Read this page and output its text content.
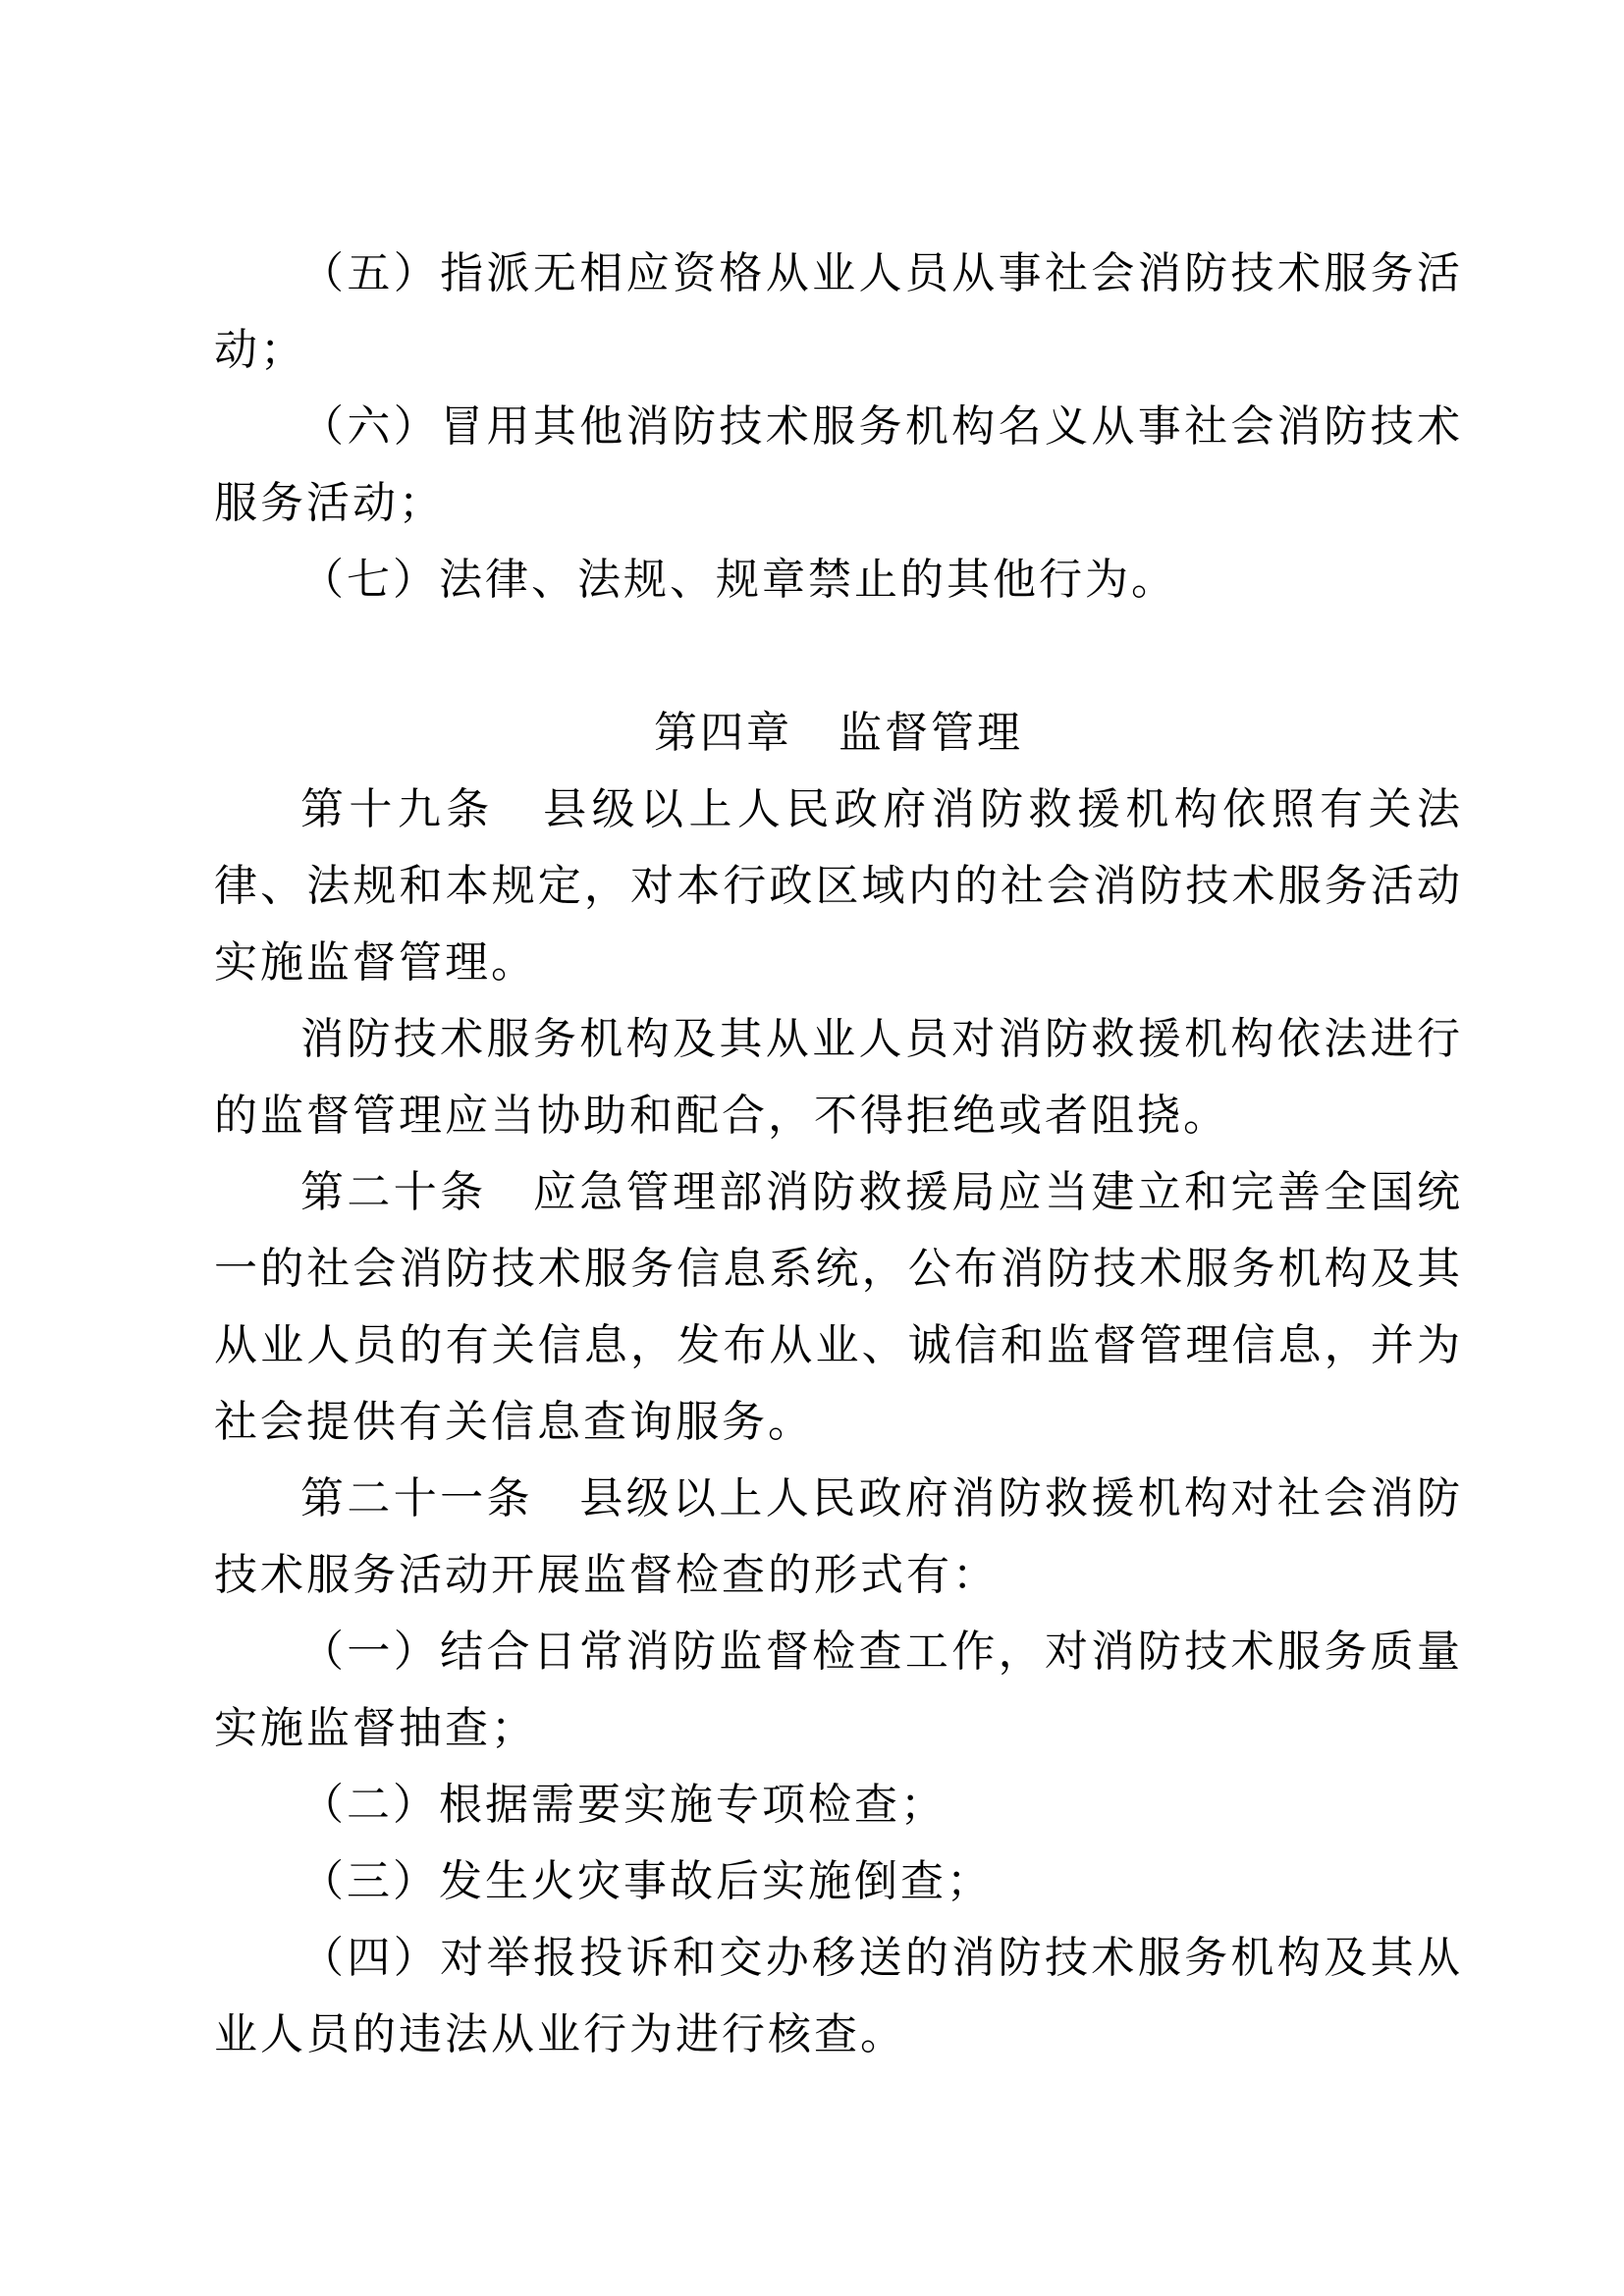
（五）指派无相应资格从业人员从事社会消防技术服务活动；

（六）冒用其他消防技术服务机构名义从事社会消防技术服务活动；

（七）法律、法规、规章禁止的其他行为。

第四章　监督管理

第十九条　县级以上人民政府消防救援机构依照有关法律、法规和本规定，对本行政区域内的社会消防技术服务活动实施监督管理。

消防技术服务机构及其从业人员对消防救援机构依法进行的监督管理应当协助和配合，不得拒绝或者阻挠。

第二十条　应急管理部消防救援局应当建立和完善全国统一的社会消防技术服务信息系统，公布消防技术服务机构及其从业人员的有关信息，发布从业、诚信和监督管理信息，并为社会提供有关信息查询服务。

第二十一条　县级以上人民政府消防救援机构对社会消防技术服务活动开展监督检查的形式有：

（一）结合日常消防监督检查工作，对消防技术服务质量实施监督抽查；

（二）根据需要实施专项检查；

（三）发生火灾事故后实施倒查；

（四）对举报投诉和交办移送的消防技术服务机构及其从业人员的违法从业行为进行核查。
